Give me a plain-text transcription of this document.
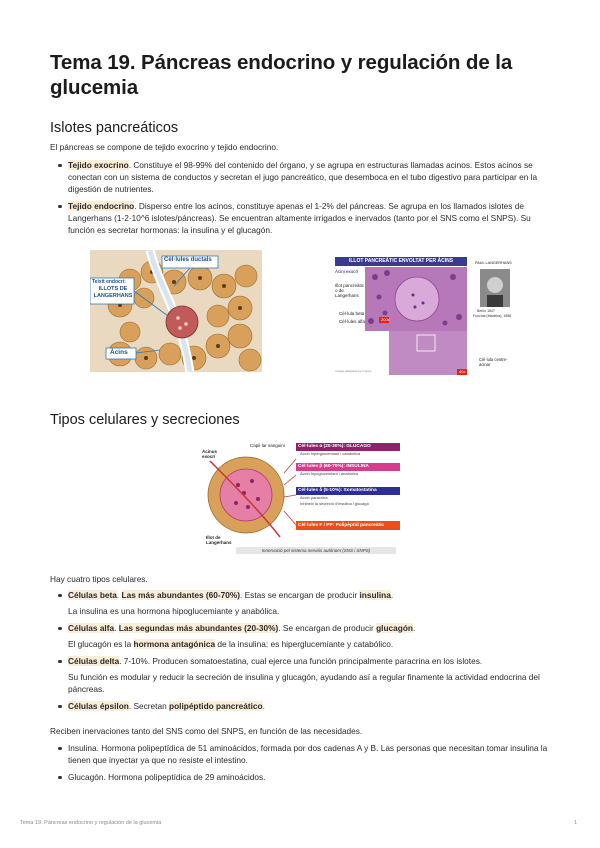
Tema 19. Páncreas endocrino y regulación de la glucemia
Islotes pancreáticos
El páncreas se compone de tejido exocrino y tejido endocrino.
Tejido exocrino. Constituye el 98-99% del contenido del órgano, y se agrupa en estructuras llamadas acinos. Estos acinos se conectan con un sistema de conductos y secretan el jugo pancreático, que desemboca en el tubo digestivo para participar en la digestión de nutrientes.
Tejido endocrino. Disperso entre los acinos, constituye apenas el 1-2% del páncreas. Se agrupa en los llamados islotes de Langerhans (1-2·10^6 islotes/páncreas). Se encuentran altamente irrigados e inervados (tanto por el SNS como el SNPS). Su función es secretar hormonas: la insulina y el glucagón.
Cèl·lules ductals
Teixit endocrí:
ILLOTS DE LANGERHANS
Àcins
ILLOT PANCREÀTIC ENVOLTAT PER ÀCINS
Àcini exocrí
Illot pancreàtic o de Langerhans
Cèl·lula beta
Cèl·lules alfa	200x
40x
PAUL LANGERHANS
Berlín 1847
Funchal (Madeira), 1888
Cèl·lula centre-acinar
Imatge adaptada per l'autor
Tipos celulares y secreciones
Àcinus exocrí
Capil·lar sanguini
Illot de Langerhans
Cèl·lules α (20-30%): GLUCAGO
Acció hiperglucemiant i catabòlica
Cèl·lules β (60-70%): INSULINA
Acció hipoglucemiant i anabòlica
Cèl·lules δ (5-10%): Somatostatina
Acció paracrina
Inhibeix la secreció d'insulina i glucagó
Cèl·lules F / PP: Polipèptid pancreàtic
Innervació pel sistema nerviós autònom (SNS i SNPS)
Hay cuatro tipos celulares.
Células beta. Las más abundantes (60-70%). Estas se encargan de producir insulina.
La insulina es una hormona hipoglucemiante y anabólica.
Células alfa. Las segundas más abundantes (20-30%). Se encargan de producir glucagón.
El glucagón es la hormona antagónica de la insulina: es hiperglucemiante y catabólico.
Células delta. 7-10%. Producen somatoestatina, cual ejerce una función principalmente paracrina en los islotes.
Su función es modular y reducir la secreción de insulina y glucagón, ayudando así a regular finamente la actividad endocrina del páncreas.
Células épsilon. Secretan polipéptido pancreático.
Reciben inervaciones tanto del SNS como del SNPS, en función de las necesidades.
Insulina. Hormona polipeptídica de 51 aminoácidos, formada por dos cadenas A y B. Las personas que necesitan tomar insulina la tienen que inyectar ya que no resiste el intestino.
Glucagón. Hormona polipeptídica de 29 aminoácidos.
Tema 19. Páncreas endocrino y regulación de la glucemia	1
